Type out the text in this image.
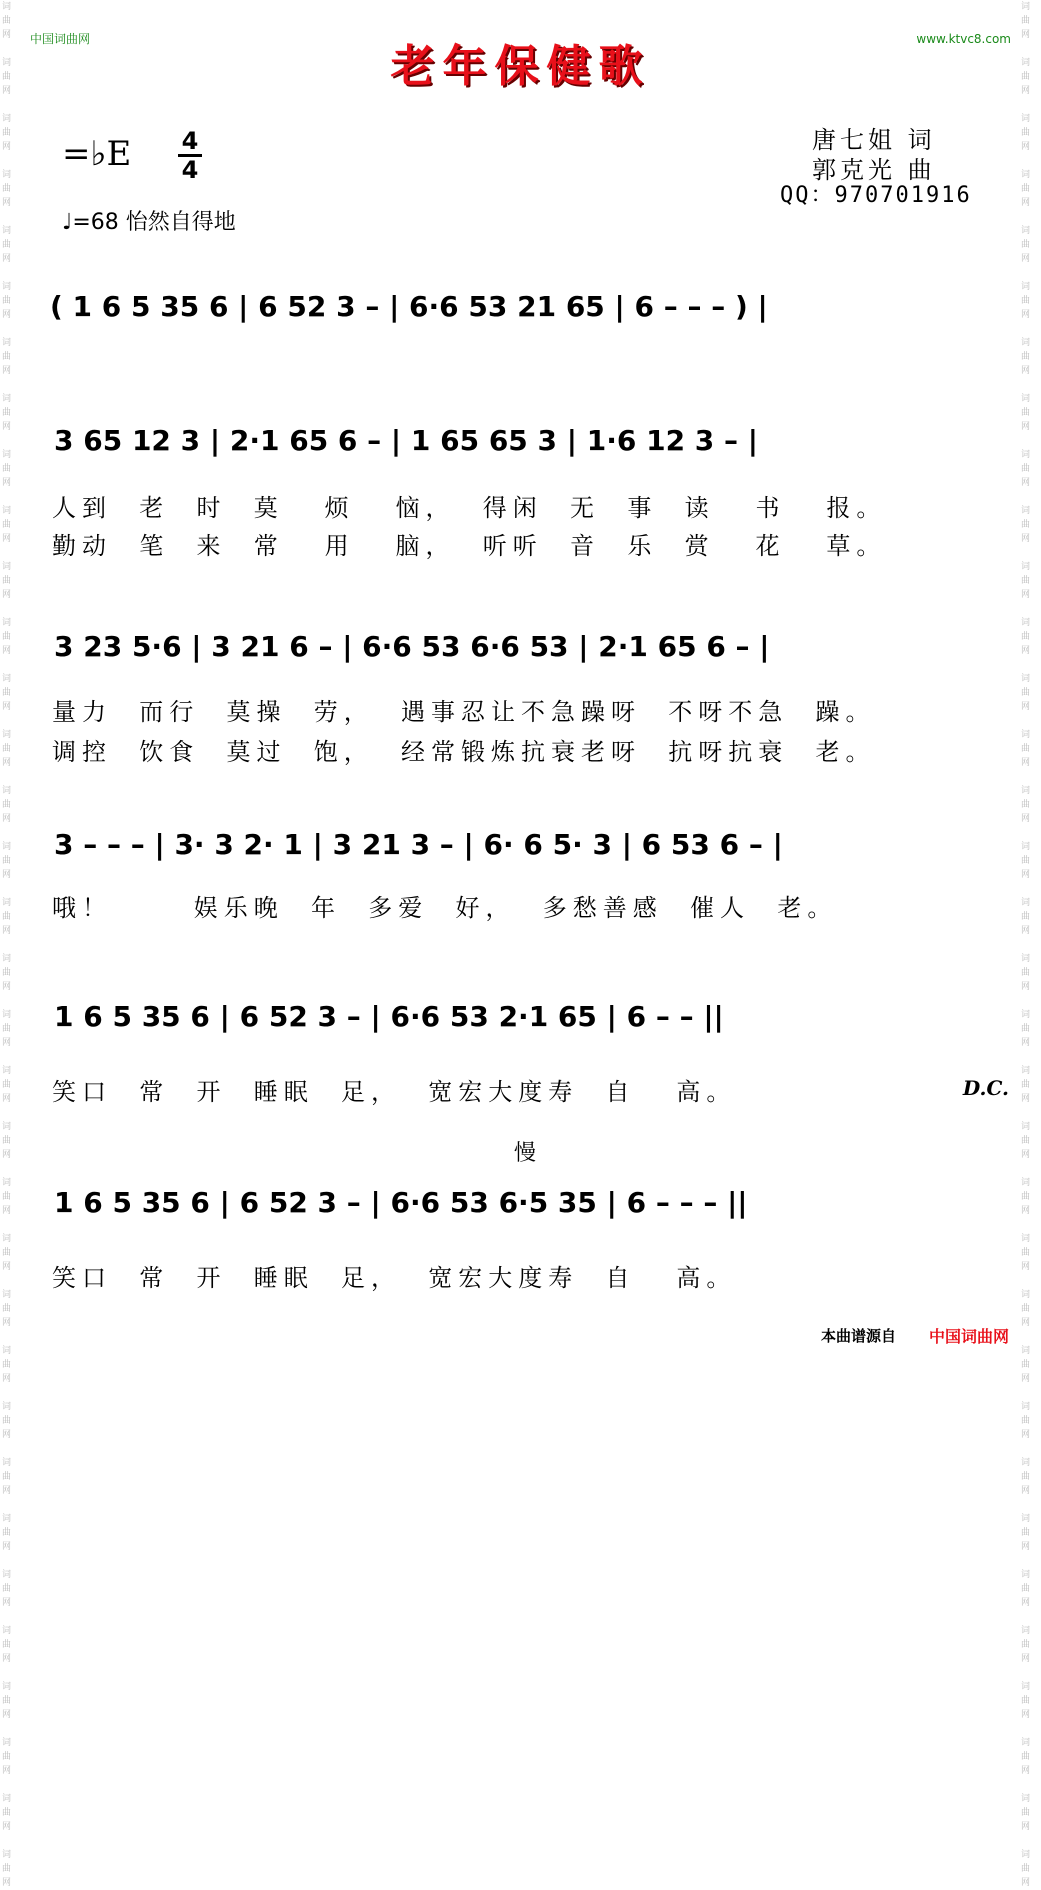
词
曲
网

词
曲
网

词
曲
网

词
曲
网

词
曲
网

词
曲
网

词
曲
网

词
曲
网

词
曲
网

词
曲
网

词
曲
网

词
曲
网

词
曲
网

词
曲
网

词
曲
网

词
曲
网

词
曲
网

词
曲
网

词
曲
网

词
曲
网

词
曲
网

词
曲
网

词
曲
网

词
曲
网

词
曲
网

词
曲
网

词
曲
网

词
曲
网

词
曲
网

词
曲
网

词
曲
网

词
曲
网

词
曲
网

词
曲
网

词
曲
网

词
曲
网

词
曲
网

词
曲
网

词
曲
网

词
曲
网

词
曲
网

词
曲
网

词
曲
网

词
曲
网

词
曲
网

词
曲
网

词
曲
网

词
曲
网

词
曲
网

词
曲
网

词
曲
网

词
曲
网

词
曲
网

词
曲
网

词
曲
网

词
曲
网

词
曲
网

词
曲
网

词
曲
网

词
曲
网

词
曲
网

词
曲
网

词
曲
网

词
曲
网

词
曲
网

词
曲
网

词
曲
网

词
曲
网

中国词曲网	www.ktvc8.com
老年保健歌
=♭E 4
4
♩=68 怡然自得地
唐七姐 词
郭克光 曲
QQ：970701916
( 1 6 5 35 6 | 6 52 3 – | 6·6 53 21 65 | 6 – – – ) |
3 65 12 3 | 2·1 65 6 – | 1 65 65 3 | 1·6 12 3 – |
人到  老  时  莫   烦   恼，  得闲  无  事  读   书   报。
勤动  笔  来  常   用   脑，  听听  音  乐  赏   花   草。
3 23 5·6 | 3 21 6 – | 6·6 53 6·6 53 | 2·1 65 6 – |
量力  而行  莫操  劳，  遇事忍让不急躁呀  不呀不急  躁。
调控  饮食  莫过  饱，  经常锻炼抗衰老呀  抗呀抗衰  老。
3 – – – | 3· 3 2· 1 | 3 21 3 – | 6· 6 5· 3 | 6 53 6 – |
哦！      娱乐晚  年  多爱  好，  多愁善感  催人  老。
1 6 5 35 6 | 6 52 3 – | 6·6 53 2·1 65 | 6 – – ||
笑口  常  开  睡眠  足，  宽宏大度寿  自   高。	D.C.
慢
1 6 5 35 6 | 6 52 3 – | 6·6 53 6·5 35 | 6 – – – ||
笑口  常  开  睡眠  足，  宽宏大度寿  自   高。
本曲谱源自 中国词曲网
